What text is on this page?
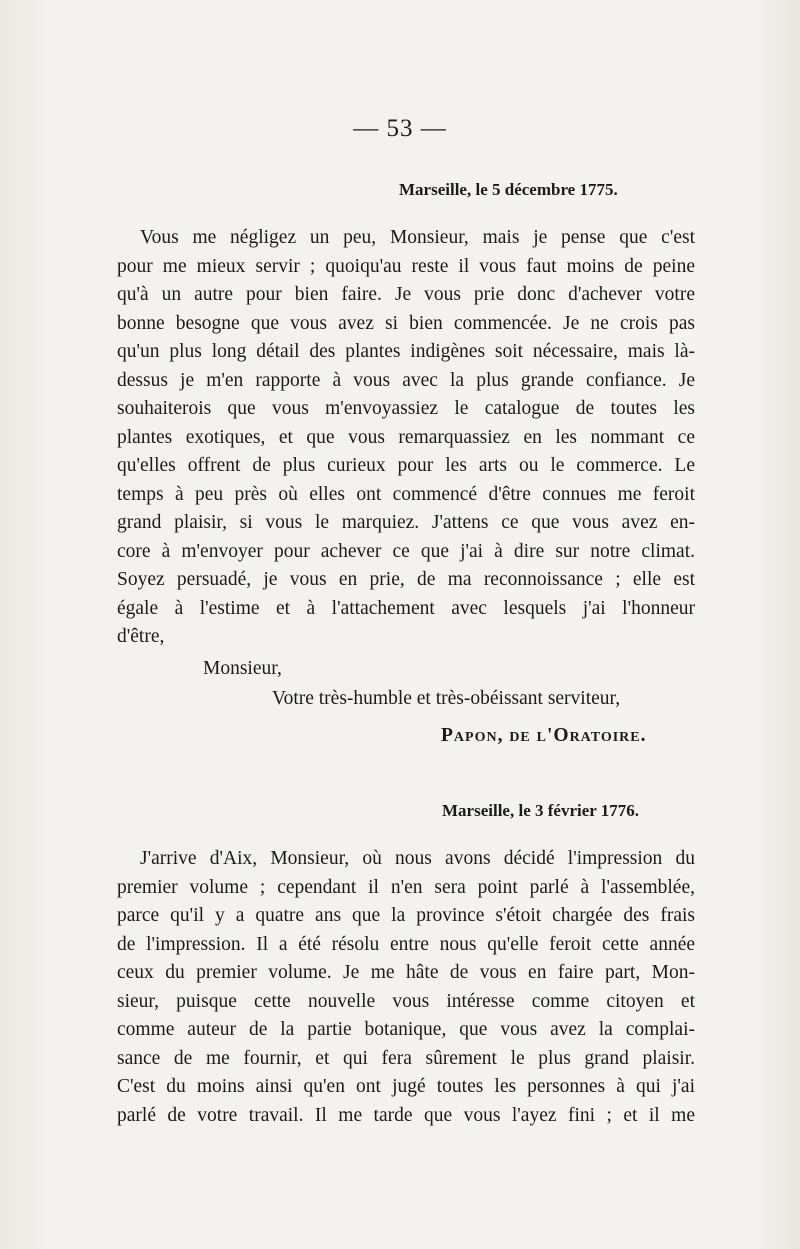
— 53 —
Marseille, le 5 décembre 1775.
Vous me négligez un peu, Monsieur, mais je pense que c'est
pour me mieux servir ; quoiqu'au reste il vous faut moins de peine
qu'à un autre pour bien faire. Je vous prie donc d'achever votre
bonne besogne que vous avez si bien commencée. Je ne crois pas
qu'un plus long détail des plantes indigènes soit nécessaire, mais là-
dessus je m'en rapporte à vous avec la plus grande confiance. Je
souhaiterois que vous m'envoyassiez le catalogue de toutes les
plantes exotiques, et que vous remarquassiez en les nommant ce
qu'elles offrent de plus curieux pour les arts ou le commerce. Le
temps à peu près où elles ont commencé d'être connues me feroit
grand plaisir, si vous le marquiez. J'attens ce que vous avez en-
core à m'envoyer pour achever ce que j'ai à dire sur notre climat.
Soyez persuadé, je vous en prie, de ma reconnoissance ; elle est
égale à l'estime et à l'attachement avec lesquels j'ai l'honneur
d'être,
Monsieur,
Votre très-humble et très-obéissant serviteur,
Papon, de l'Oratoire.
Marseille, le 3 février 1776.
J'arrive d'Aix, Monsieur, où nous avons décidé l'impression du
premier volume ; cependant il n'en sera point parlé à l'assemblée,
parce qu'il y a quatre ans que la province s'étoit chargée des frais
de l'impression. Il a été résolu entre nous qu'elle feroit cette année
ceux du premier volume. Je me hâte de vous en faire part, Mon-
sieur, puisque cette nouvelle vous intéresse comme citoyen et
comme auteur de la partie botanique, que vous avez la complai-
sance de me fournir, et qui fera sûrement le plus grand plaisir.
C'est du moins ainsi qu'en ont jugé toutes les personnes à qui j'ai
parlé de votre travail. Il me tarde que vous l'ayez fini ; et il me
